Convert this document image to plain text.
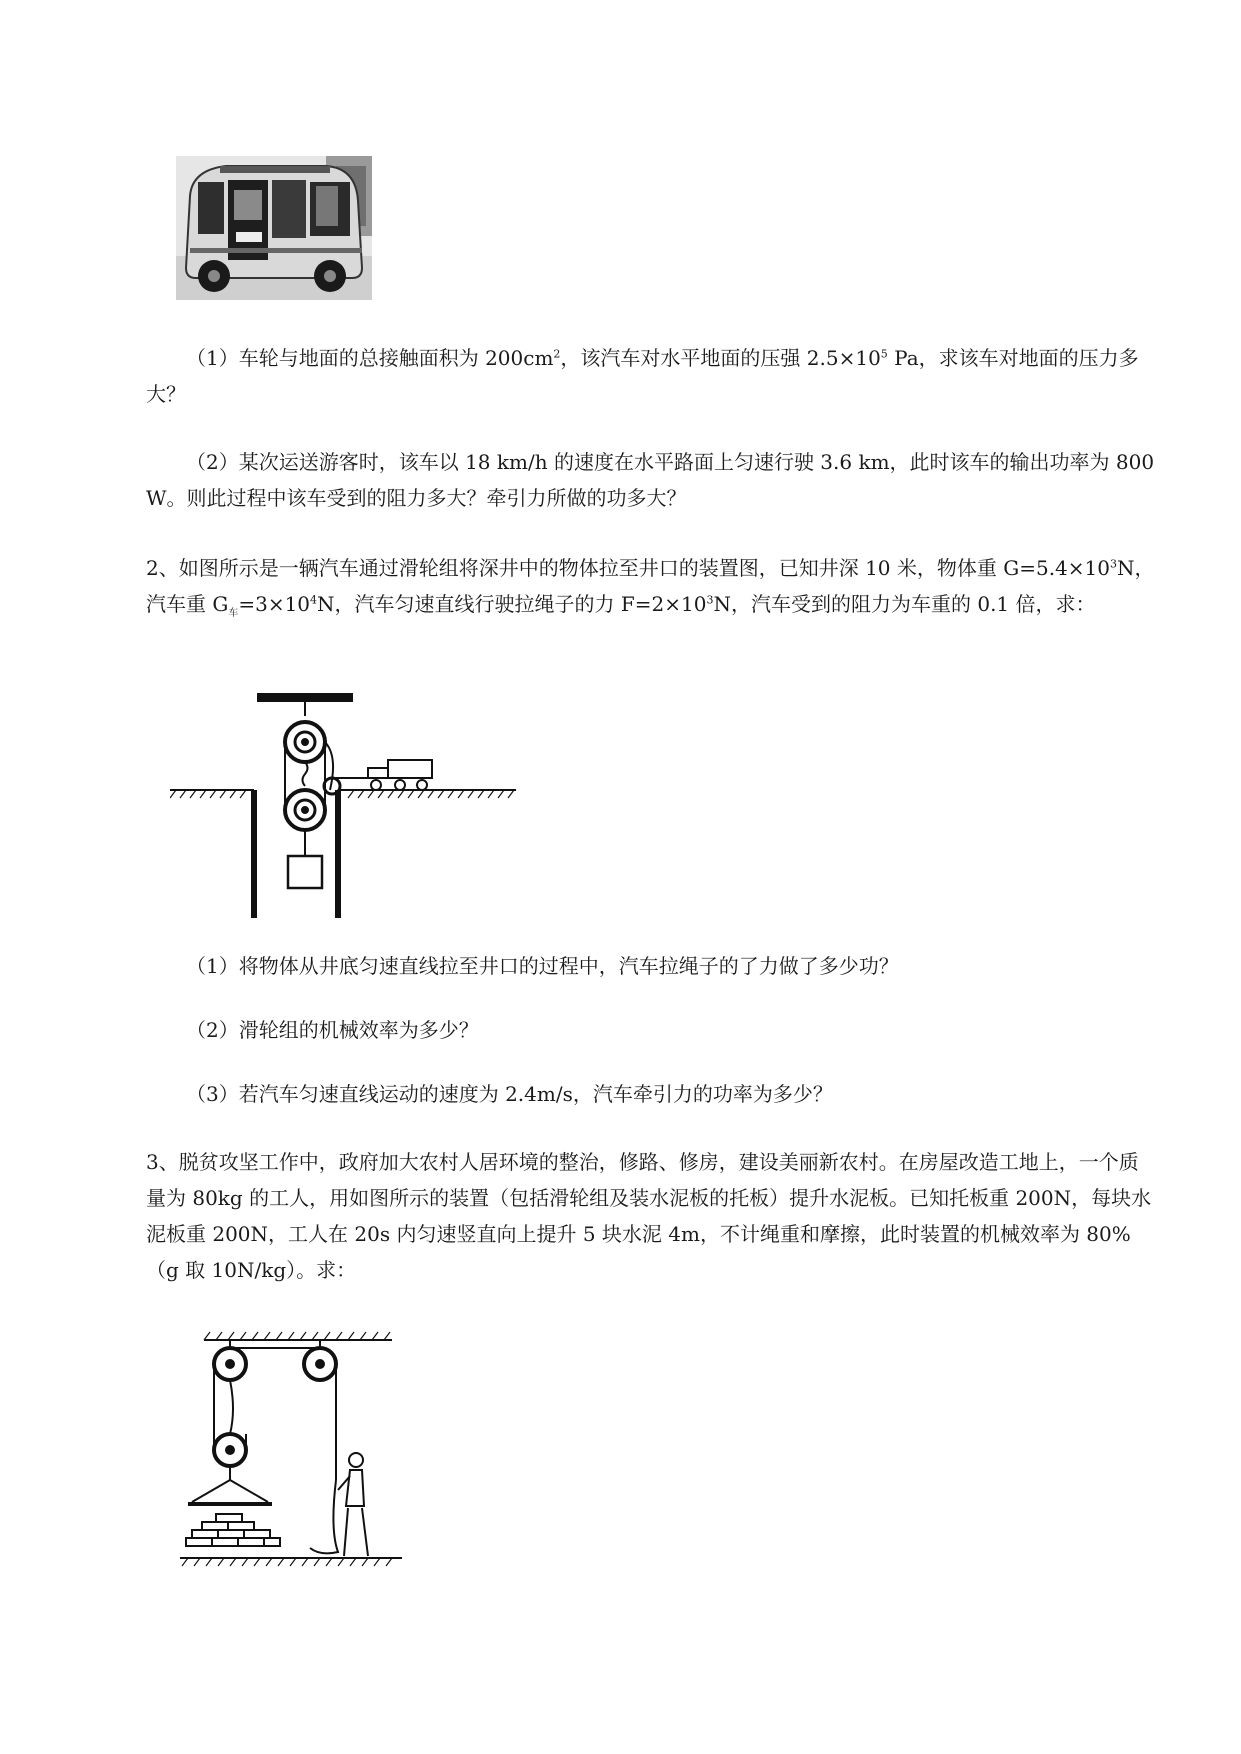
（1）车轮与地面的总接触面积为 $200cm^2$，该汽车对水平地面的压强 $2.5\times 10^5$ Pa，求该车对地面的压力多大？

（2）某次运送游客时，该车以 18 km/h 的速度在水平路面上匀速行驶 3.6 km，此时该车的输出功率为 800 W。则此过程中该车受到的阻力多大？牵引力所做的功多大？

2、如图所示是一辆汽车通过滑轮组将深井中的物体拉至井口的装置图，已知井深 10 米，物体重 $G=5.4\times 10^3N$，汽车重 $G_车=3\times 10^4N$，汽车匀速直线行驶拉绳子的力 $F=2\times 10^3N$，汽车受到的阻力为车重的 0.1 倍，求：

（1）将物体从井底匀速直线拉至井口的过程中，汽车拉绳子的了力做了多少功？

（2）滑轮组的机械效率为多少？

（3）若汽车匀速直线运动的速度为 2.4m/s，汽车牵引力的功率为多少？

3、脱贫攻坚工作中，政府加大农村人居环境的整治，修路、修房，建设美丽新农村。在房屋改造工地上，一个质量为 80kg 的工人，用如图所示的装置（包括滑轮组及装水泥板的托板）提升水泥板。已知托板重 200N，每块水泥板重 200N，工人在 20s 内匀速竖直向上提升 5 块水泥 4m，不计绳重和摩擦，此时装置的机械效率为 80%（g 取 10N/kg）。求：
